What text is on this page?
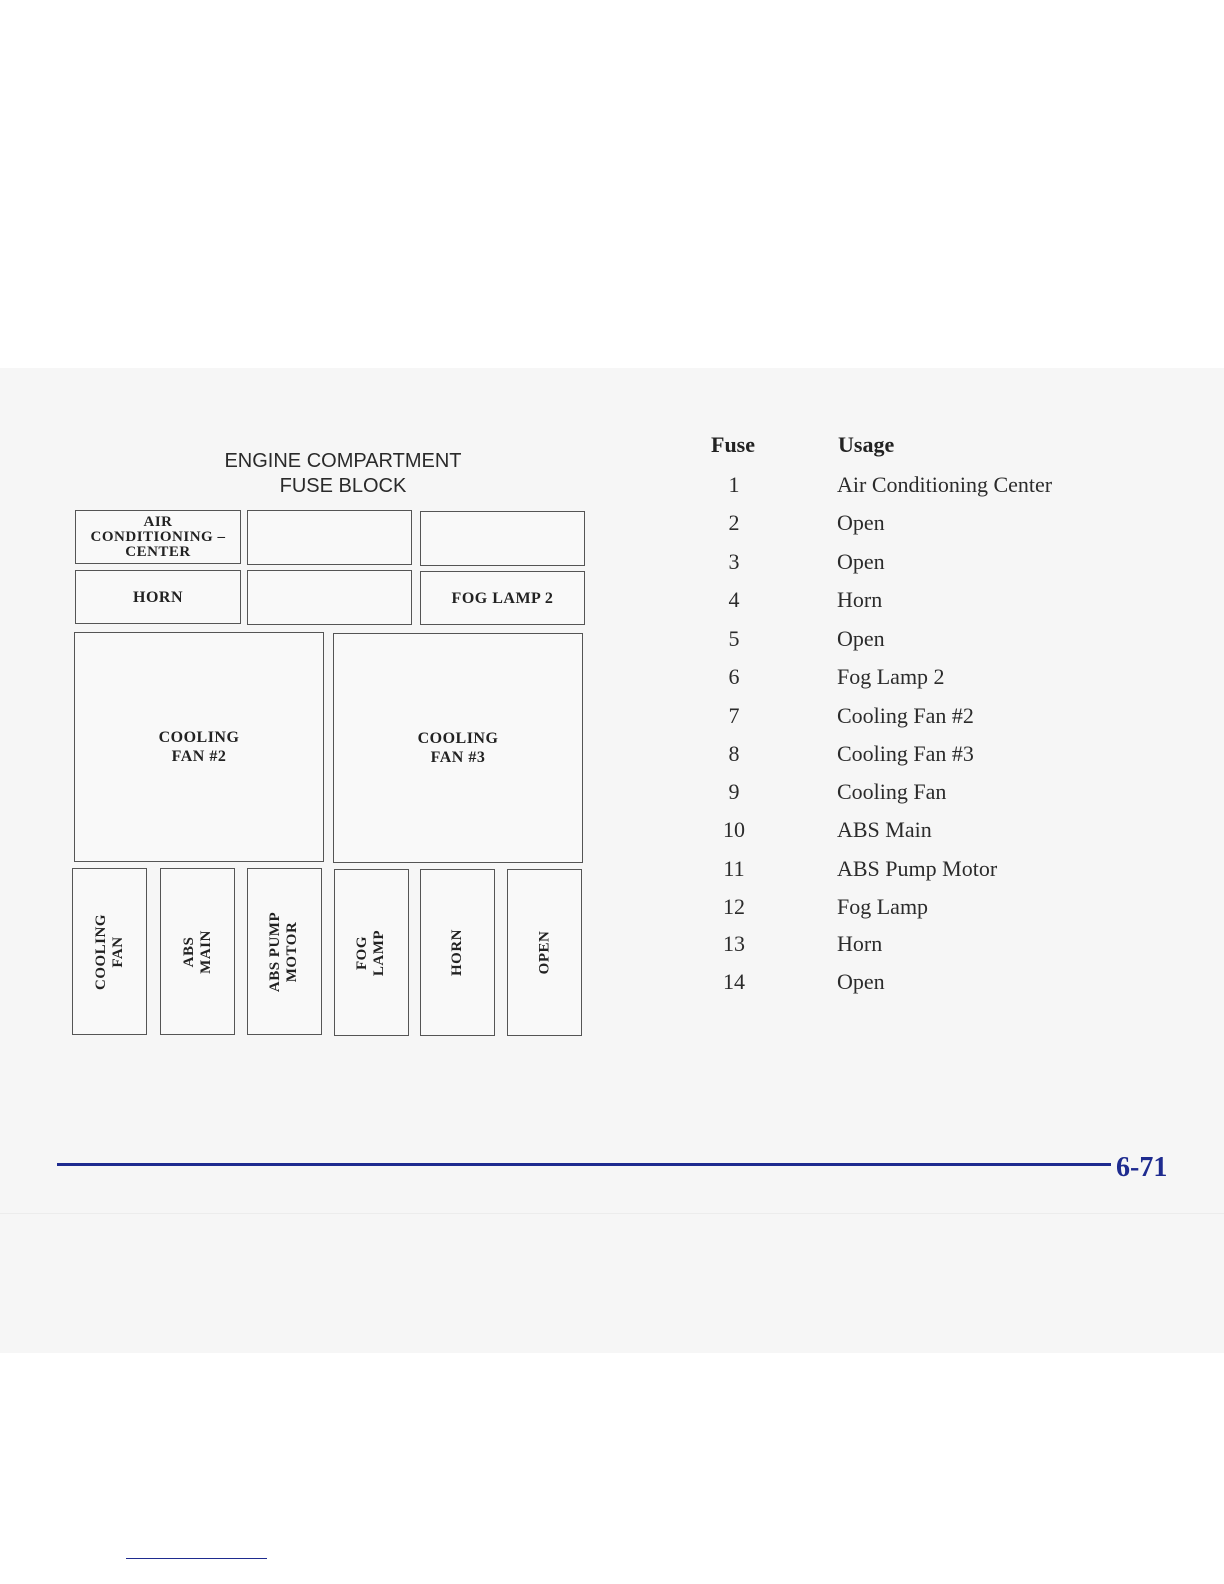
ENGINE COMPARTMENT
FUSE BLOCK
AIR
CONDITIONING –
CENTER
HORN	FOG LAMP 2
COOLING
FAN #2
COOLING
FAN #3
COOLING FAN	ABS MAIN	ABS PUMP MOTOR	FOG LAMP	HORN	OPEN
Fuse	Usage
1	Air Conditioning Center
2	Open
3	Open
4	Horn
5	Open
6	Fog Lamp 2
7	Cooling Fan #2
8	Cooling Fan #3
9	Cooling Fan
10	ABS Main
11	ABS Pump Motor
12	Fog Lamp
13	Horn
14	Open
6-71
